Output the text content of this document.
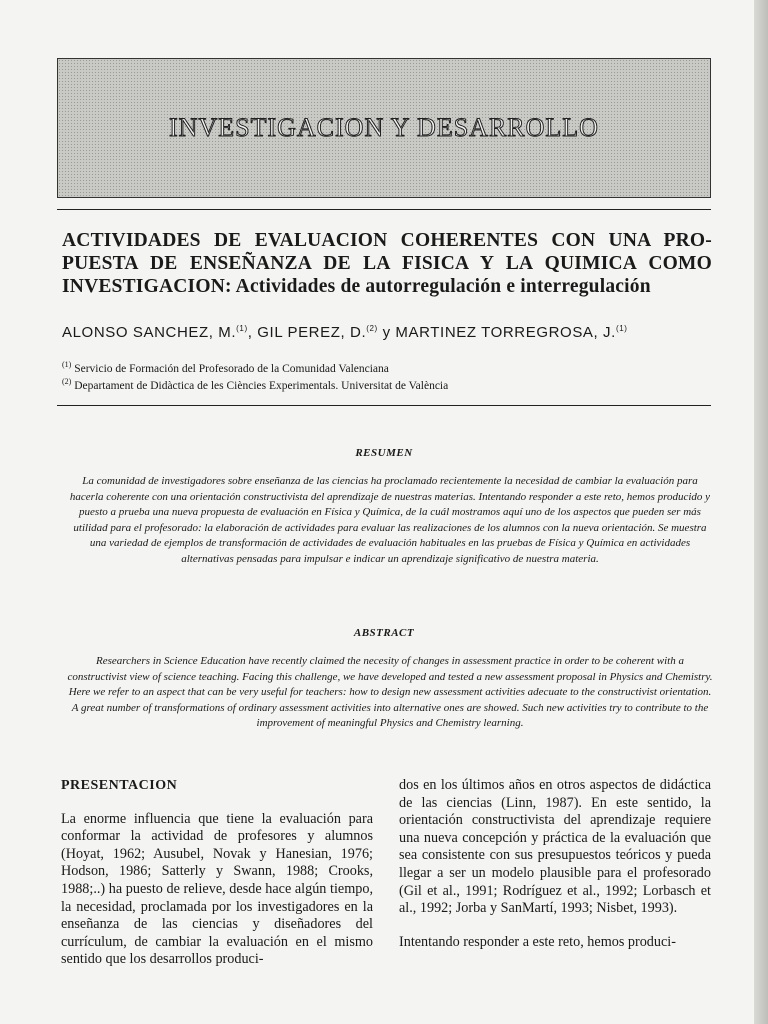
INVESTIGACION Y DESARROLLO
ACTIVIDADES DE EVALUACION COHERENTES CON UNA PRO-
PUESTA DE ENSEÑANZA DE LA FISICA Y LA QUIMICA COMO
INVESTIGACION: Actividades de autorregulación e interregulación
ALONSO SANCHEZ, M.$^{(1)}$, GIL PEREZ, D.$^{(2)}$ y MARTINEZ TORREGROSA, J.$^{(1)}$
$^{(1)}$ Servicio de Formación del Profesorado de la Comunidad Valenciana
$^{(2)}$ Departament de Didàctica de les Ciències Experimentals. Universitat de València
RESUMEN
La comunidad de investigadores sobre enseñanza de las ciencias ha proclamado recientemente la necesidad de cambiar la evaluación para hacerla coherente con una orientación constructivista del aprendizaje de nuestras materias. Intentando responder a este reto, hemos producido y puesto a prueba una nueva propuesta de evaluación en Física y Química, de la cuál mostramos aquí uno de los aspectos que pueden ser más utilidad para el profesorado: la elaboración de actividades para evaluar las realizaciones de los alumnos con la nueva orientación. Se muestra una variedad de ejemplos de transformación de actividades de evaluación habituales en las pruebas de Física y Química en actividades alternativas pensadas para impulsar e indicar un aprendizaje significativo de nuestra materia.
ABSTRACT
Researchers in Science Education have recently claimed the necesity of changes in assessment practice in order to be coherent with a constructivist view of science teaching. Facing this challenge, we have developed and tested a new assessment proposal in Physics and Chemistry. Here we refer to an aspect that can be very useful for teachers: how to design new assessment activities adecuate to the constructivist orientation. A great number of transformations of ordinary assessment activities into alternative ones are showed. Such new activities try to contribute to the improvement of meaningful Physics and Chemistry learning.
PRESENTACION

La enorme influencia que tiene la evaluación para conformar la actividad de profesores y alumnos (Hoyat, 1962; Ausubel, Novak y Hanesian, 1976; Hodson, 1986; Satterly y Swann, 1988; Crooks, 1988;..) ha puesto de relieve, desde hace algún tiempo, la necesidad, proclamada por los investigadores en la enseñanza de las ciencias y diseñadores del currículum, de cambiar la evaluación en el mismo sentido que los desarrollos produci-

dos en los últimos años en otros aspectos de didáctica de las ciencias (Linn, 1987). En este sentido, la orientación constructivista del aprendizaje requiere una nueva concepción y práctica de la evaluación que sea consistente con sus presupuestos teóricos y pueda llegar a ser un modelo plausible para el profesorado (Gil et al., 1991; Rodríguez et al., 1992; Lorbasch et al., 1992; Jorba y SanMartí, 1993; Nisbet, 1993).

Intentando responder a este reto, hemos produci-
